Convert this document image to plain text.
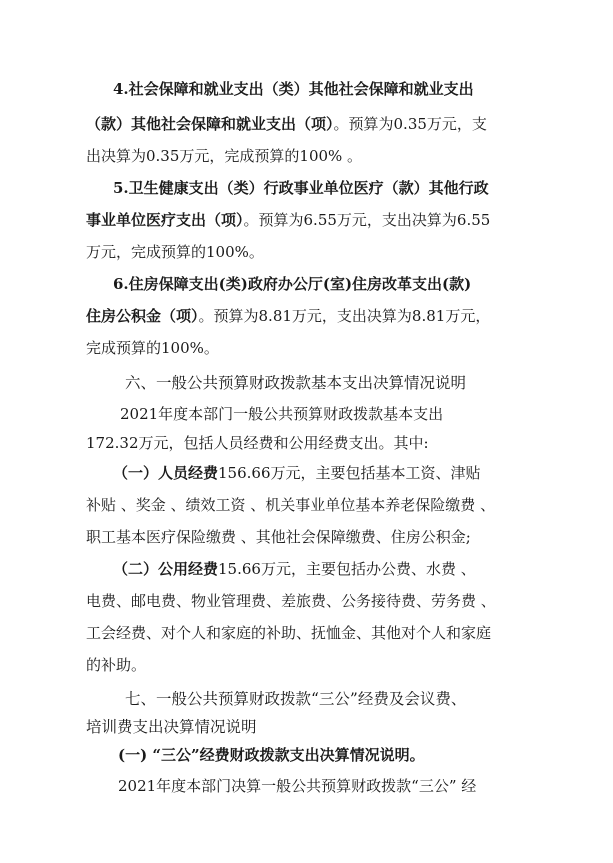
4.社会保障和就业支出（类）其他社会保障和就业支出
（款）其他社会保障和就业支出（项）。预算为0.35万元，支
出决算为0.35万元，完成预算的100% 。
5.卫生健康支出（类）行政事业单位医疗（款）其他行政
事业单位医疗支出（项）。预算为6.55万元，支出决算为6.55
万元，完成预算的100%。
6.住房保障支出(类)政府办公厅(室)住房改革支出(款)
住房公积金（项）。预算为8.81万元，支出决算为8.81万元，
完成预算的100%。
六、一般公共预算财政拨款基本支出决算情况说明
2021年度本部门一般公共预算财政拨款基本支出
172.32万元，包括人员经费和公用经费支出。其中:
（一）人员经费156.66万元，主要包括基本工资、津贴
补贴 、奖金 、绩效工资 、机关事业单位基本养老保险缴费 、
职工基本医疗保险缴费 、其他社会保障缴费、住房公积金;
（二）公用经费15.66万元，主要包括办公费、水费 、
电费、邮电费、物业管理费、差旅费、公务接待费、劳务费 、
工会经费、对个人和家庭的补助、抚恤金、其他对个人和家庭
的补助。
七、一般公共预算财政拨款“三公”经费及会议费、
培训费支出决算情况说明
(一) “三公”经费财政拨款支出决算情况说明。
2021年度本部门决算一般公共预算财政拨款“三公” 经
